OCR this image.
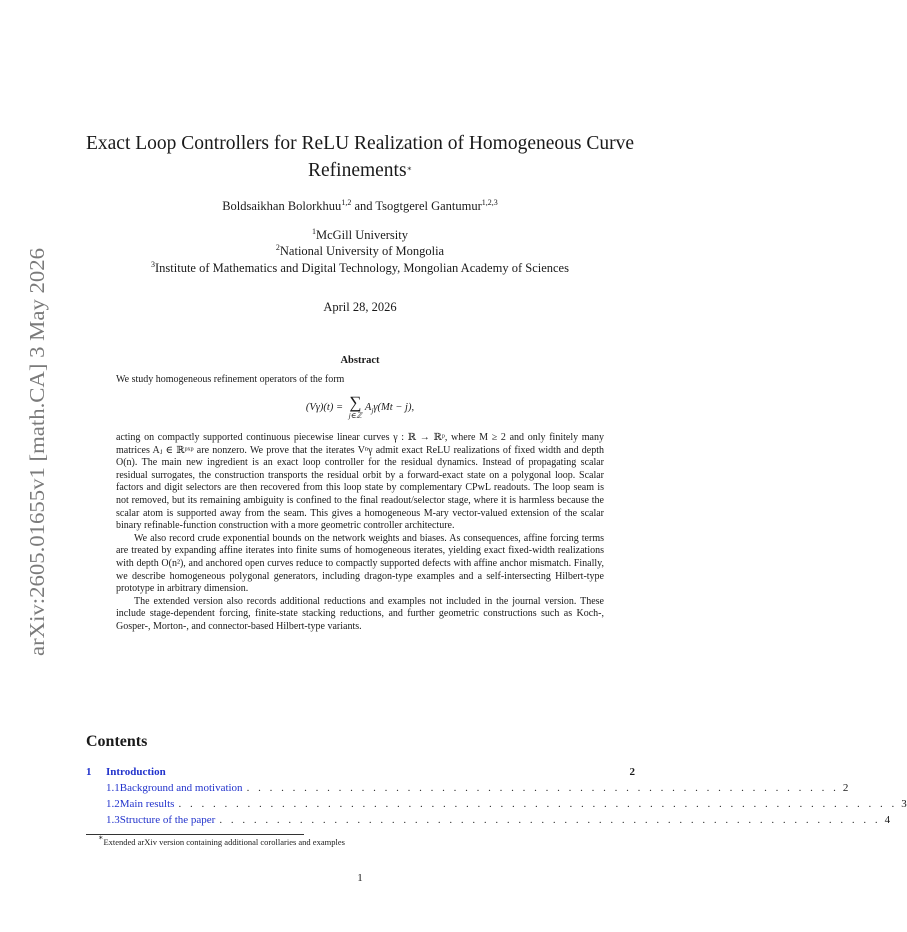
arXiv:2605.01655v1 [math.CA] 3 May 2026
Exact Loop Controllers for ReLU Realization of Homogeneous Curve
Refinements∗
Boldsaikhan Bolorkhuu$^{1,2}$ and Tsogtgerel Gantumur$^{1,2,3}$
$^1$McGill University
$^2$National University of Mongolia
$^3$Institute of Mathematics and Digital Technology, Mongolian Academy of Sciences
April 28, 2026
Abstract

We study homogeneous refinement operators of the form

(Vγ)(t) = ∑
j∈ℤ
$A_j\gamma(Mt - j)$,

acting on compactly supported continuous piecewise linear curves γ : ℝ → ℝᵖ, where M ≥ 2 and only finitely many matrices Aⱼ ∈ ℝᵖˣᵖ are nonzero. We prove that the iterates Vⁿγ admit exact ReLU realizations of fixed width and depth O(n). The main new ingredient is an exact loop controller for the residual dynamics. Instead of propagating scalar residual surrogates, the construction transports the residual orbit by a forward-exact state on a polygonal loop. Scalar factors and digit selectors are then recovered from this loop state by complementary CPwL readouts. The loop seam is not removed, but its remaining ambiguity is confined to the final readout/selector stage, where it is harmless because the scalar atom is supported away from the seam. This gives a homogeneous M-ary vector-valued extension of the scalar binary refinable-function construction with a more geometric controller architecture.

We also record crude exponential bounds on the network weights and biases. As consequences, affine forcing terms are treated by expanding affine iterates into finite sums of homogeneous iterates, yielding exact fixed-width realizations with depth O(n²), and anchored open curves reduce to compactly supported defects with affine anchor mismatch. Finally, we describe homogeneous polygonal generators, including dragon-type examples and a self-intersecting Hilbert-type prototype in arbitrary dimension.

The extended version also records additional reductions and examples not included in the journal version. These include stage-dependent forcing, finite-state stacking reductions, and further geometric constructions such as Koch-, Gosper-, Morton-, and connector-based Hilbert-type variants.

Contents
1	Introduction	2
1.1 Background and motivation . . . . . . . . . . . . . . . . . . . . . . . . . . . . . . . . . . . . . . . . . . . . . . . . . . . . 2
1.2 Main results . . . . . . . . . . . . . . . . . . . . . . . . . . . . . . . . . . . . . . . . . . . . . . . . . . . . . . . . . . . . . . . 3
1.3 Structure of the paper . . . . . . . . . . . . . . . . . . . . . . . . . . . . . . . . . . . . . . . . . . . . . . . . . . . . . . . . . . 4
∗Extended arXiv version containing additional corollaries and examples
1
